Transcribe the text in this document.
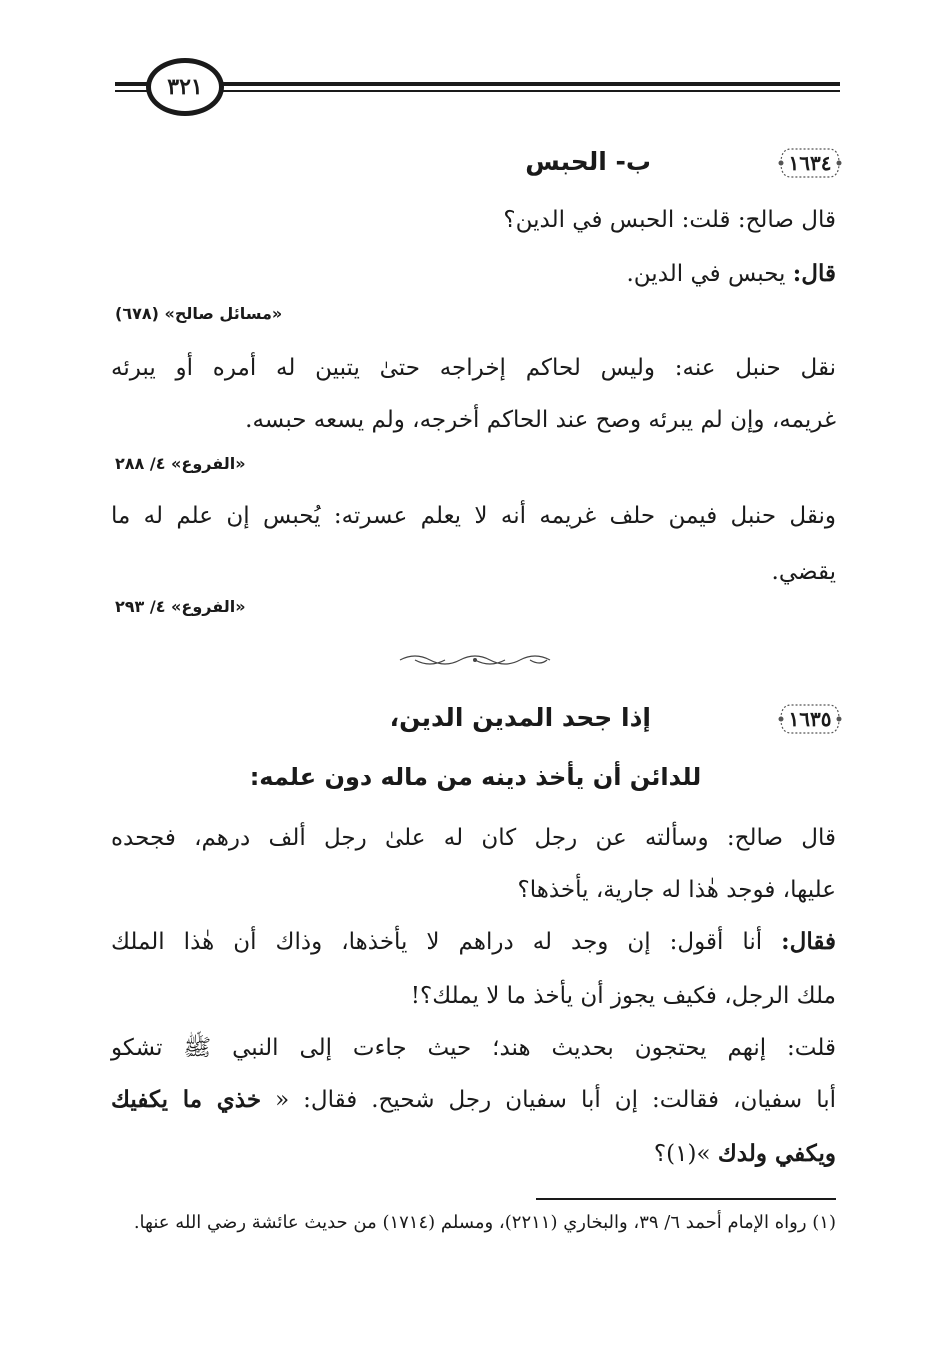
٣٢١
١٦٣٤
ب- الحبس
قال صالح: قلت: الحبس في الدين؟
قال: يحبس في الدين.
«مسائل صالح» (٦٧٨)
نقل حنبل عنه: وليس لحاكم إخراجه حتىٰ يتبين له أمره أو يبرئه
غريمه، وإن لم يبرئه وصح عند الحاكم أخرجه، ولم يسعه حبسه.
«الفروع» ٤/ ٢٨٨
ونقل حنبل فيمن حلف غريمه أنه لا يعلم عسرته: يُحبس إن علم له ما
يقضي.
«الفروع» ٤/ ٢٩٣
١٦٣٥
إذا جحد المدين الدين،
للدائن أن يأخذ دينه من ماله دون علمه:
قال صالح: وسألته عن رجل كان له علىٰ رجل ألف درهم، فجحده
عليها، فوجد هٰذا له جارية، يأخذها؟
فقال: أنا أقول: إن وجد له دراهم لا يأخذها، وذاك أن هٰذا الملك
ملك الرجل، فكيف يجوز أن يأخذ ما لا يملك؟!
قلت: إنهم يحتجون بحديث هند؛ حيث جاءت إلى النبي ﷺ تشكو
أبا سفيان، فقالت: إن أبا سفيان رجل شحيح. فقال: « خذي ما يكفيك
ويكفي ولدك »(١)؟
(١) رواه الإمام أحمد ٦/ ٣٩، والبخاري (٢٢١١)، ومسلم (١٧١٤) من حديث عائشة رضي الله عنها.
